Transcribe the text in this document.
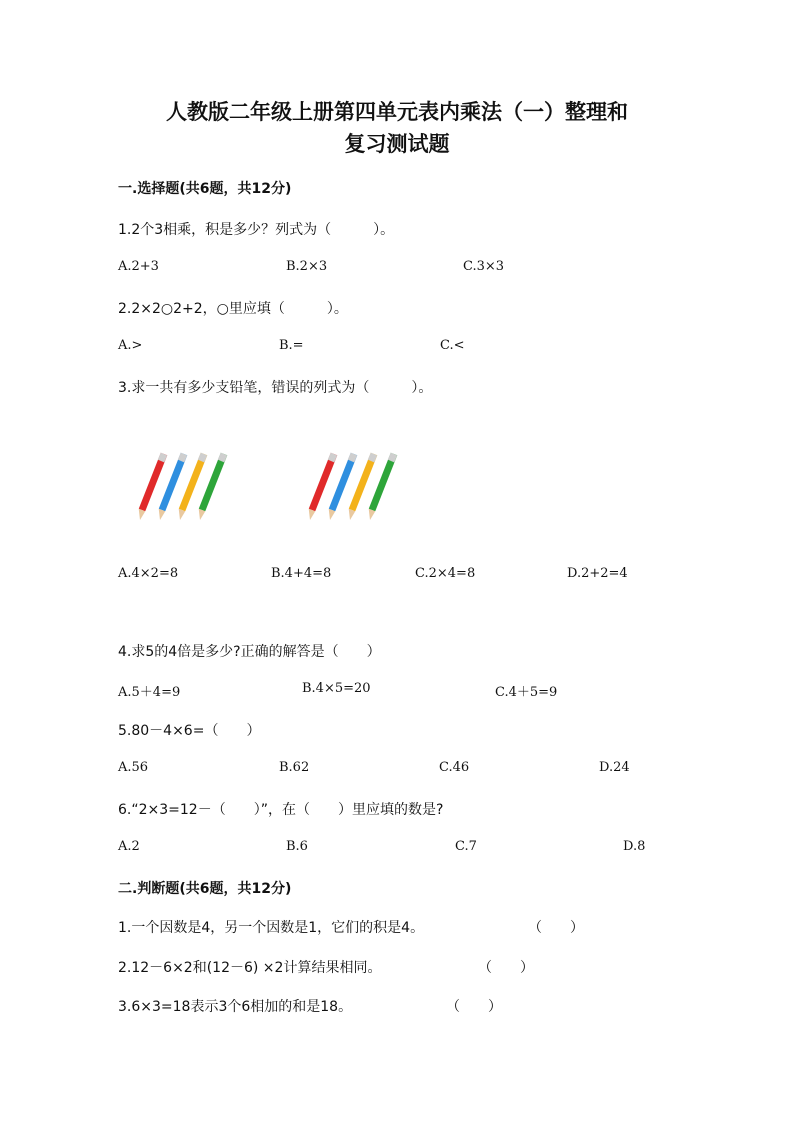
人教版二年级上册第四单元表内乘法（一）整理和
复习测试题
一.选择题(共6题，共12分)
1.2个3相乘，积是多少？列式为（　　　）。
A.2+3	B.2×3	C.3×3
2.2×2○2+2，○里应填（　　　）。
A.>	B.=	C.<
3.求一共有多少支铅笔，错误的列式为（　　　）。
A.4×2=8	B.4+4=8	C.2×4=8	D.2+2=4
4.求5的4倍是多少?正确的解答是（　　）
A.5＋4=9	B.4×5=20	C.4＋5=9
5.80－4×6=（　　）
A.56	B.62	C.46	D.24
6.“2×3=12－（　　）”，在（　　）里应填的数是?
A.2	B.6	C.7	D.8
二.判断题(共6题，共12分)
1.一个因数是4，另一个因数是1，它们的积是4。	（　　）
2.12－6×2和(12－6) ×2计算结果相同。	（　　）
3.6×3=18表示3个6相加的和是18。	（　　）
